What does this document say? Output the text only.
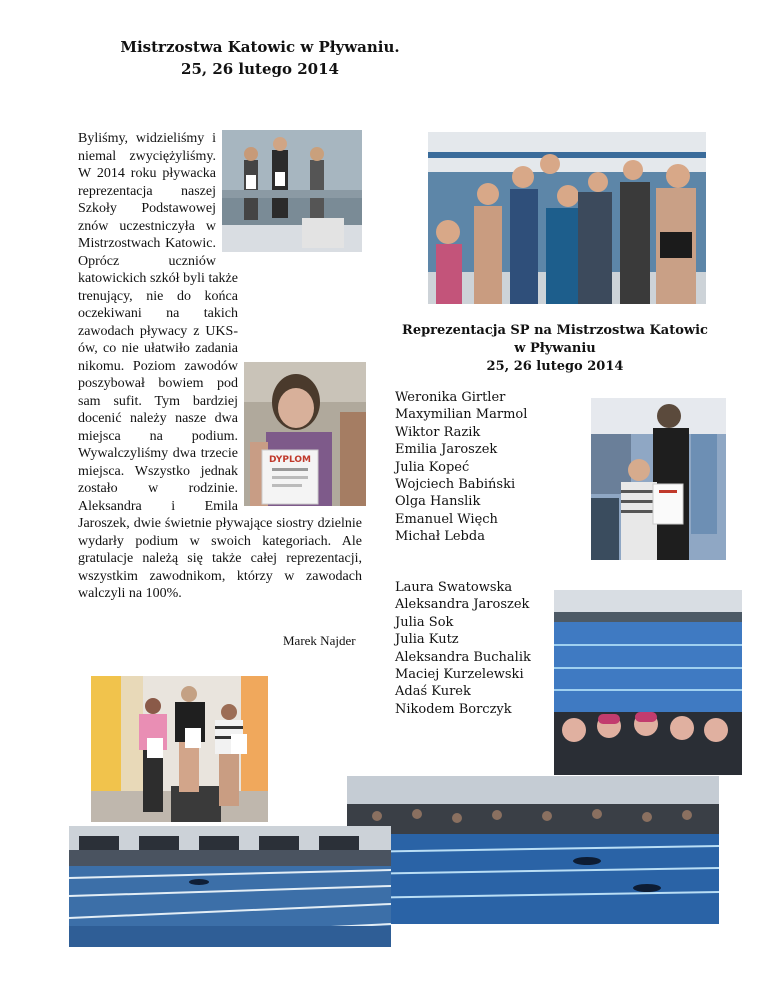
Mistrzostwa Katowic w Pływaniu.
25, 26 lutego 2014
DYPLOM
Byliśmy, widzieliśmy i niemal zwyciężyliśmy. W 2014 roku pływacka reprezentacja naszej Szkoły Podstawowej znów uczestniczyła w Mistrzostwach Katowic. Oprócz uczniów katowickich szkół byli także trenujący, nie do końca oczekiwani na takich zawodach pływacy z UKS-ów, co nie ułatwiło zadania nikomu. Poziom zawodów poszybował bowiem pod sam sufit. Tym bardziej docenić należy nasze dwa miejsca na podium. Wywalczyliśmy dwa trzecie miejsca. Wszystko jednak zostało w rodzinie. Aleksandra i Emila Jaroszek, dwie świetnie pływające siostry dzielnie wydarły podium w swoich kategoriach. Ale gratulacje należą się także całej reprezentacji, wszystkim zawodnikom, którzy w zawodach walczyli na 100%.
Marek Najder
Reprezentacja SP na Mistrzostwa Katowic
w Pływaniu
25, 26 lutego 2014
Weronika Girtler
Maxymilian Marmol
Wiktor Razik
Emilia Jaroszek
Julia Kopeć
Wojciech Babiński
Olga Hanslik
Emanuel Więch
Michał Lebda
Laura Swatowska
Aleksandra Jaroszek
Julia Sok
Julia Kutz
Aleksandra Buchalik
Maciej Kurzelewski
Adaś Kurek
Nikodem Borczyk
